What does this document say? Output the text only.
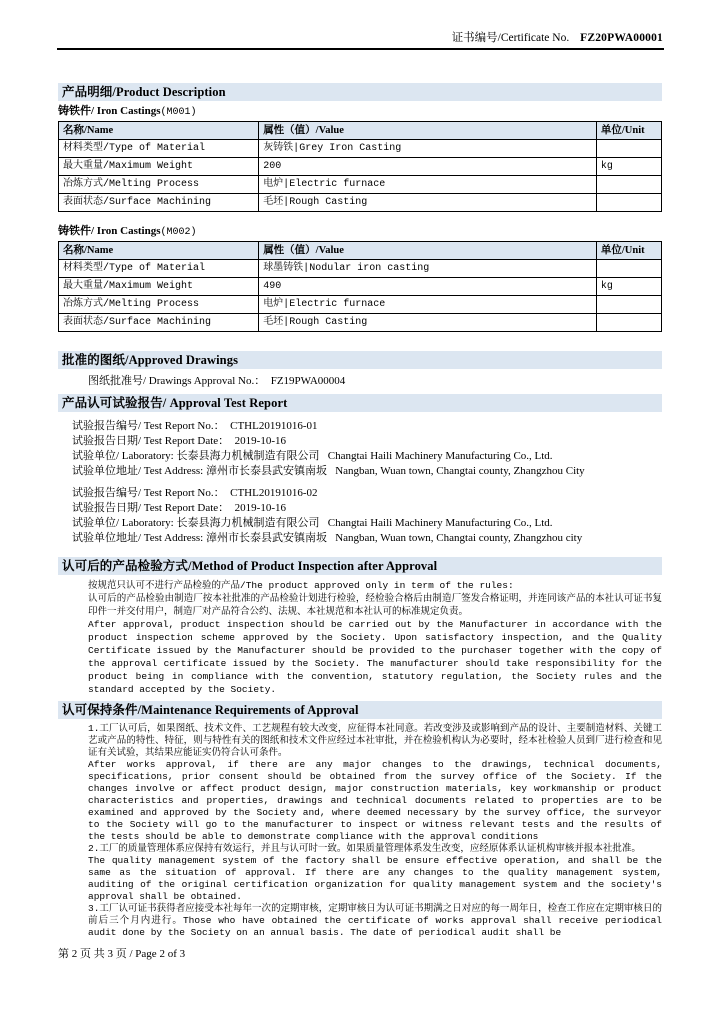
证书编号/Certificate No. FZ20PWA00001
产品明细/Product Description
铸铁件/ Iron Castings(M001)
名称/Name	属性（值）/Value	单位/Unit
材料类型/Type of Material	灰铸铁|Grey Iron Casting	
最大重量/Maximum Weight	200	kg
冶炼方式/Melting Process	电炉|Electric furnace	
表面状态/Surface Machining	毛坯|Rough Casting	
铸铁件/ Iron Castings(M002)
名称/Name	属性（值）/Value	单位/Unit
材料类型/Type of Material	球墨铸铁|Nodular iron casting	
最大重量/Maximum Weight	490	kg
冶炼方式/Melting Process	电炉|Electric furnace	
表面状态/Surface Machining	毛坯|Rough Casting	
批准的图纸/Approved Drawings
图纸批准号/ Drawings Approval No.：  FZ19PWA00004
产品认可试验报告/ Approval Test Report
试验报告编号/ Test Report No.：  CTHL20191016-01
试验报告日期/ Test Report Date：  2019-10-16
试验单位/ Laboratory: 长泰县海力机械制造有限公司   Changtai Haili Machinery Manufacturing Co., Ltd.
试验单位地址/ Test Address: 漳州市长泰县武安镇南坂   Nangban, Wuan town, Changtai county, Zhangzhou City
试验报告编号/ Test Report No.：  CTHL20191016-02
试验报告日期/ Test Report Date：  2019-10-16
试验单位/ Laboratory: 长泰县海力机械制造有限公司   Changtai Haili Machinery Manufacturing Co., Ltd.
试验单位地址/ Test Address: 漳州市长泰县武安镇南坂   Nangban, Wuan town, Changtai county, Zhangzhou city
认可后的产品检验方式/Method of Product Inspection after Approval

按规范只认可不进行产品检验的产品/The product approved only in term of the rules:

认可后的产品检验由制造厂按本社批准的产品检验计划进行检验，经检验合格后由制造厂签发合格证明，并连同该产品的本社认可证书复印件一并交付用户，制造厂对产品符合公约、法规、本社规范和本社认可的标准规定负责。

After approval, product inspection should be carried out by the Manufacturer in accordance with the product inspection scheme approved by the Society. Upon satisfactory inspection, and the Quality Certificate issued by the Manufacturer should be provided to the purchaser together with the copy of the approval certificate issued by the Society. The manufacturer should take responsibility for the product being in compliance with the convention, statutory regulation, the Society rules and the standard accepted by the Society.

认可保持条件/Maintenance Requirements of Approval

1.工厂认可后，如果图纸、技术文件、工艺规程有较大改变，应征得本社同意。若改变涉及或影响到产品的设计、主要制造材料、关键工艺或产品的特性、特征，则与特性有关的图纸和技术文件应经过本社审批，并在检验机构认为必要时，经本社检验人员到厂进行检查和见证有关试验，其结果应能证实仍符合认可条件。

After works approval, if there are any major changes to the drawings, technical documents, specifications, prior consent should be obtained from the survey office of the Society. If the changes involve or affect product design, major construction materials, key workmanship or product characteristics and properties, drawings and technical documents related to properties are to be examined and approved by the Society and, where deemed necessary by the survey office, the surveyor to the Society will go to the manufacturer to inspect or witness relevant tests and the results of the tests should be able to demonstrate compliance with the approval conditions

2.工厂的质量管理体系应保持有效运行，并且与认可时一致。如果质量管理体系发生改变，应经原体系认证机构审核并报本社批准。

The quality management system of the factory shall be ensure effective operation, and shall be the same as the situation of approval. If there are any changes to the quality management system, auditing of the original certification organization for quality management system and the society's approval shall be obtained.

3.工厂认可证书获得者应接受本社每年一次的定期审核，定期审核日为认可证书期满之日对应的每一周年日，检查工作应在定期审核日的前后三个月内进行。Those who have obtained the certificate of works approval shall receive periodical audit done by the Society on an annual basis. The date of periodical audit shall be

第 2 页 共 3 页 / Page 2 of 3
